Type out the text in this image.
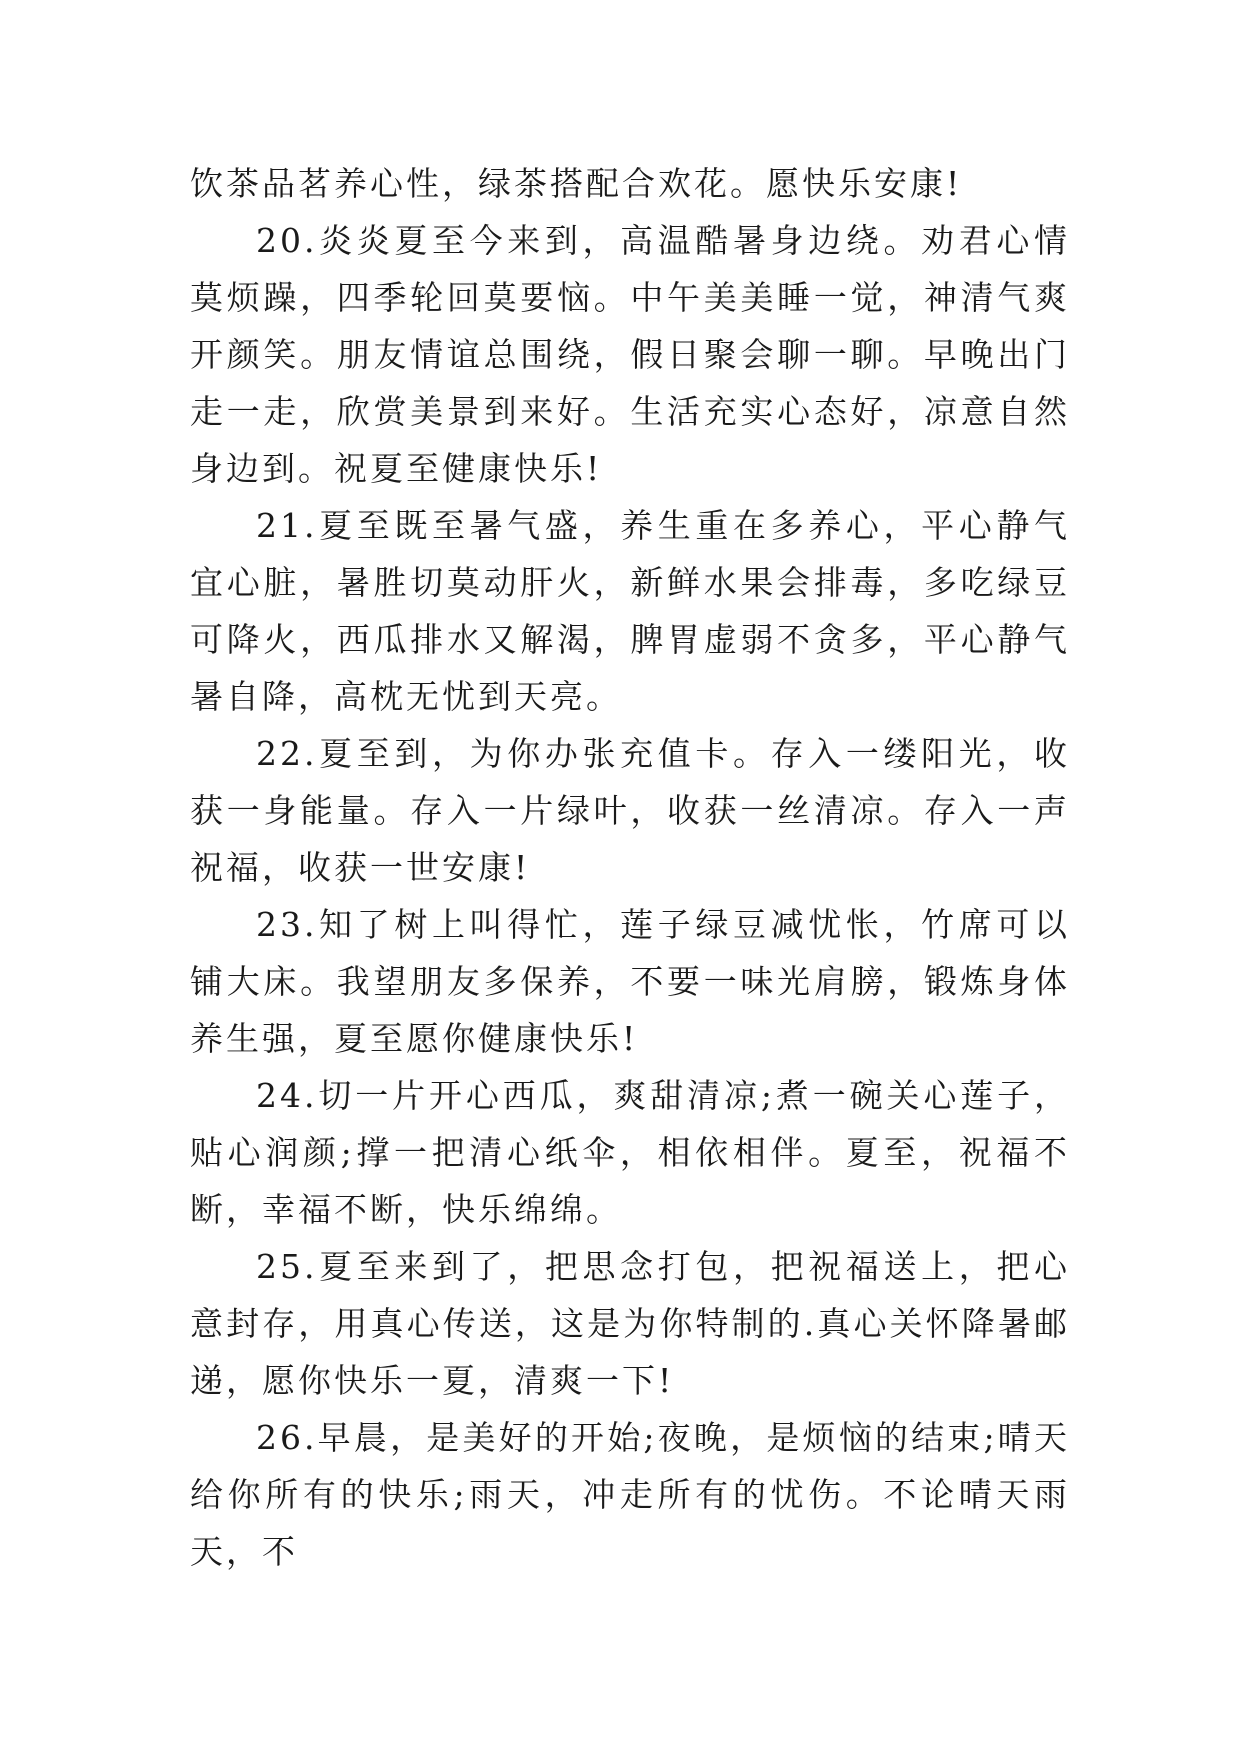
饮茶品茗养心性，绿茶搭配合欢花。愿快乐安康!

20.炎炎夏至今来到，高温酷暑身边绕。劝君心情莫烦躁，四季轮回莫要恼。中午美美睡一觉，神清气爽开颜笑。朋友情谊总围绕，假日聚会聊一聊。早晚出门走一走，欣赏美景到来好。生活充实心态好，凉意自然身边到。祝夏至健康快乐!

21.夏至既至暑气盛，养生重在多养心，平心静气宜心脏，暑胜切莫动肝火，新鲜水果会排毒，多吃绿豆可降火，西瓜排水又解渴，脾胃虚弱不贪多，平心静气暑自降，高枕无忧到天亮。

22.夏至到，为你办张充值卡。存入一缕阳光，收获一身能量。存入一片绿叶，收获一丝清凉。存入一声祝福，收获一世安康!

23.知了树上叫得忙，莲子绿豆减忧怅，竹席可以铺大床。我望朋友多保养，不要一味光肩膀，锻炼身体养生强，夏至愿你健康快乐!

24.切一片开心西瓜，爽甜清凉;煮一碗关心莲子，贴心润颜;撑一把清心纸伞，相依相伴。夏至，祝福不断，幸福不断，快乐绵绵。

25.夏至来到了，把思念打包，把祝福送上，把心意封存，用真心传送，这是为你特制的.真心关怀降暑邮递，愿你快乐一夏，清爽一下!

26.早晨，是美好的开始;夜晚，是烦恼的结束;晴天给你所有的快乐;雨天，冲走所有的忧伤。不论晴天雨天，不
